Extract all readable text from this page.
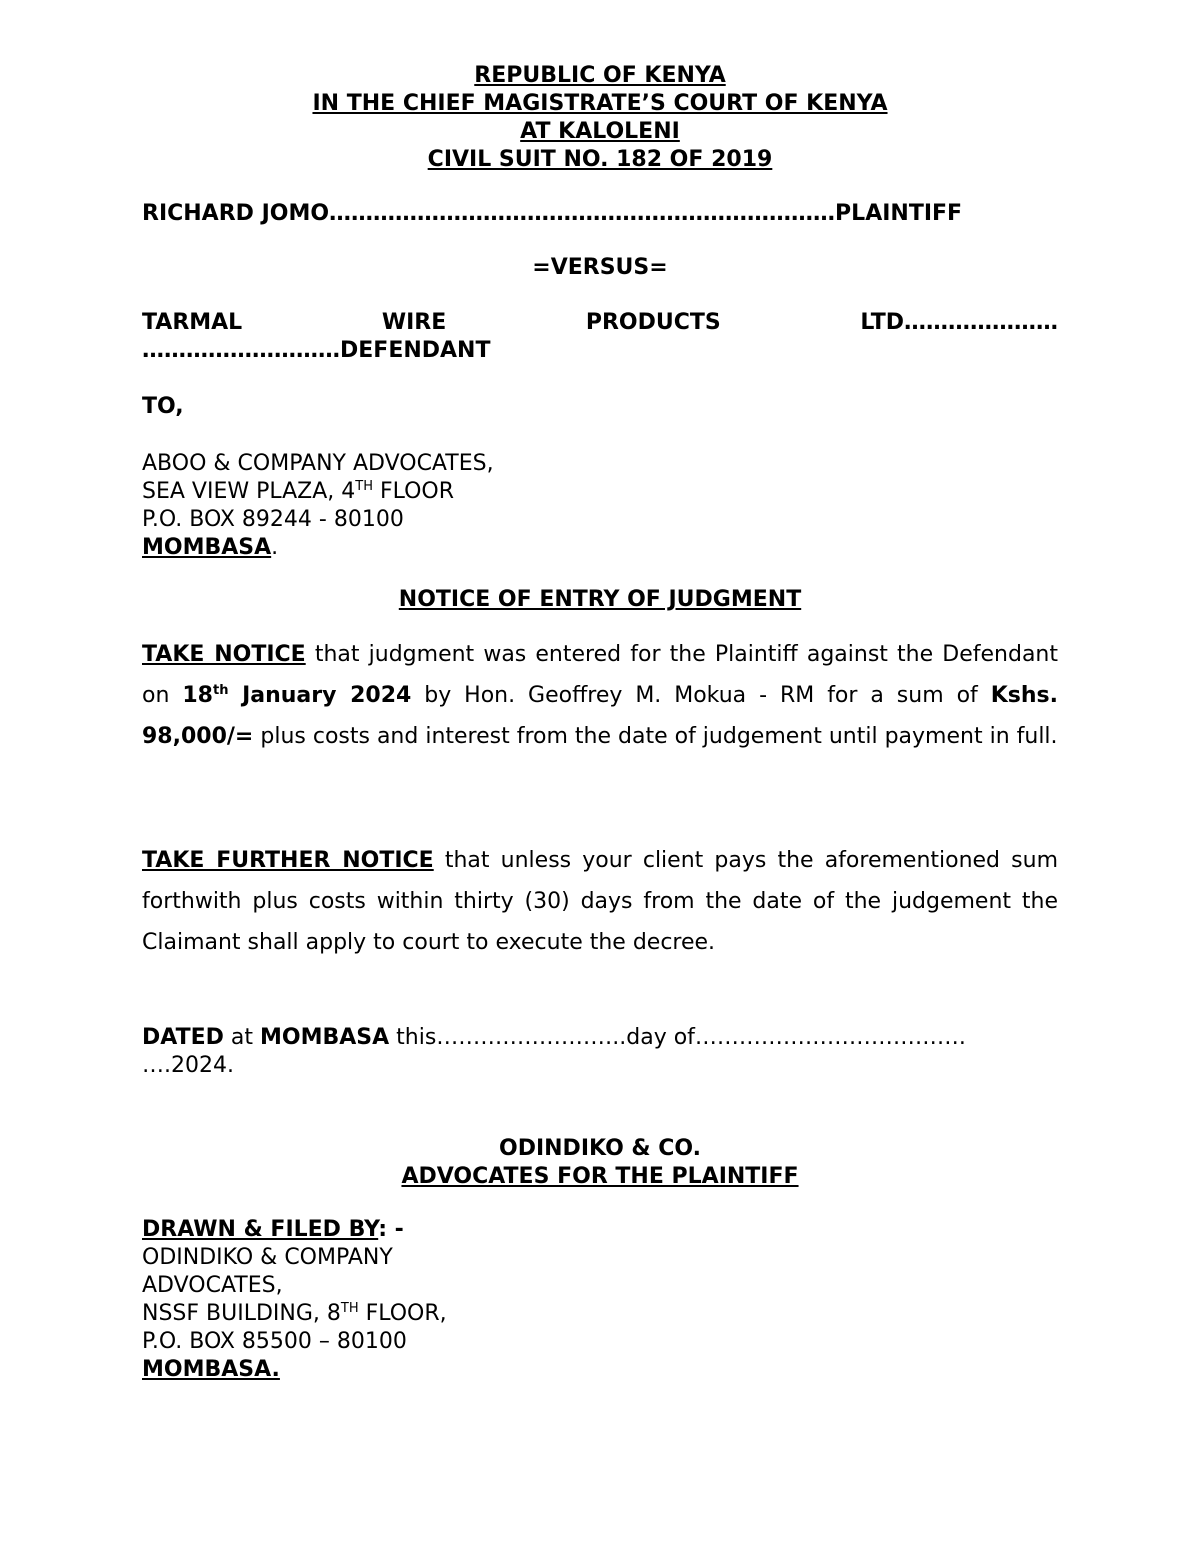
REPUBLIC OF KENYA
IN THE CHIEF MAGISTRATE’S COURT OF KENYA
AT KALOLENI
CIVIL SUIT NO. 182 OF 2019
RICHARD JOMO……………………………………………………………PLAINTIFF
=VERSUS=
TARMAL	WIRE	PRODUCTS	LTD…………………
………………………DEFENDANT
TO,
ABOO & COMPANY ADVOCATES,
SEA VIEW PLAZA, 4TH FLOOR
P.O. BOX 89244 - 80100
MOMBASA.
NOTICE OF ENTRY OF JUDGMENT
TAKE NOTICE that judgment was entered for the Plaintiff against the Defendant on 18th January 2024 by Hon. Geoffrey M. Mokua - RM for a sum of Kshs. 98,000/= plus costs and interest from the date of judgement until payment in full.
TAKE FURTHER NOTICE that unless your client pays the aforementioned sum forthwith plus costs within thirty (30) days from the date of the judgement the Claimant shall apply to court to execute the decree.
DATED at MOMBASA this……………………..day of……………………………….
….2024.
ODINDIKO & CO.
ADVOCATES FOR THE PLAINTIFF
DRAWN & FILED BY: -
ODINDIKO & COMPANY
ADVOCATES,
NSSF BUILDING, 8TH FLOOR,
P.O. BOX 85500 – 80100
MOMBASA.
